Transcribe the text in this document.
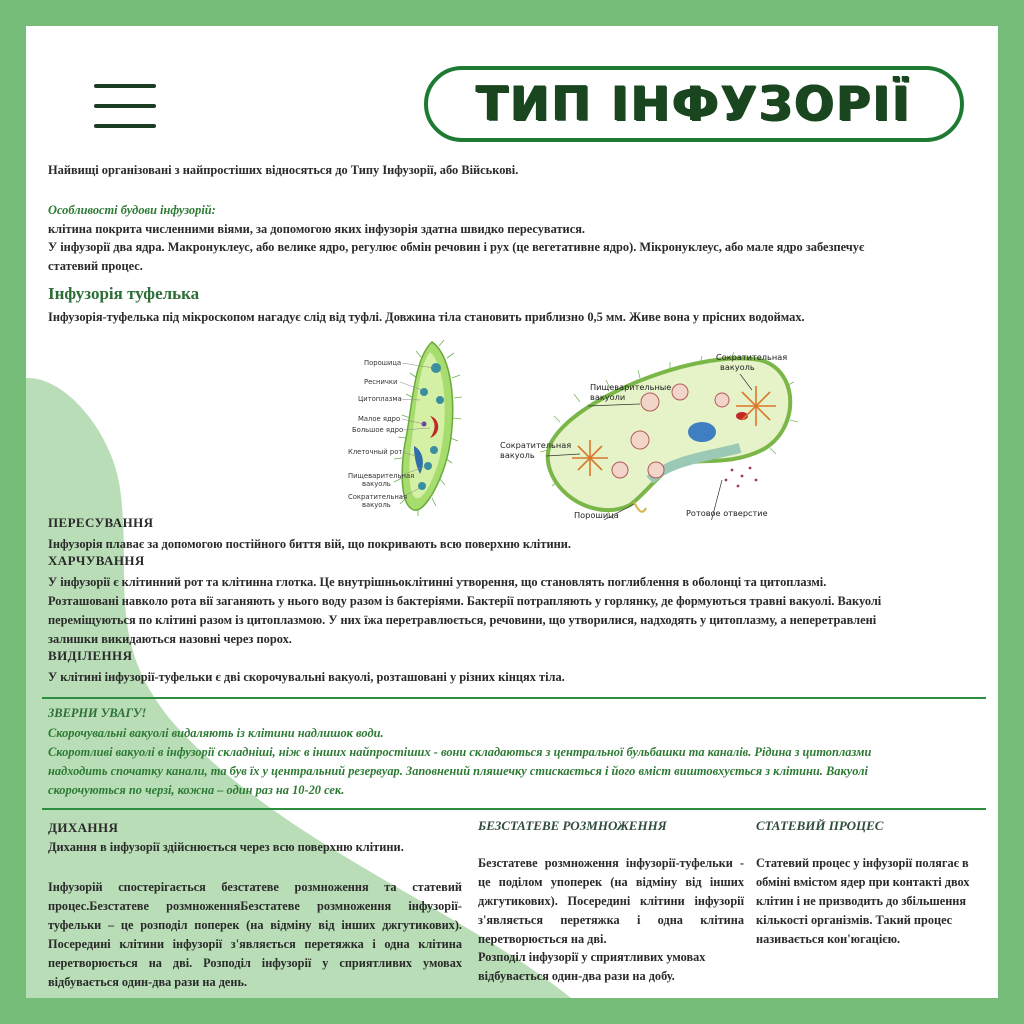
ТИП ІНФУЗОРІЇ
Найвищі організовані з найпростіших відносяться до Типу Інфузорії, або Військові.
Особливості будови інфузорій:
клітина покрита численними віями, за допомогою яких інфузорія здатна швидко пересуватися.
У інфузорії два ядра. Макронуклеус, або велике ядро, регулює обмін речовин і рух (це вегетативне ядро). Мікронуклеус, або мале ядро забезпечує
статевий процес.
Інфузорія туфелька
Інфузорія-туфелька під мікроскопом нагадує слід від туфлі. Довжина тіла становить приблизно 0,5 мм. Живе вона у прісних водоймах.
Порошица
Реснички
Цитоплазма
Малое ядро
Большое ядро
Клеточный рот
Пищеварительная
вакуоль
Сократительная
вакуоль
Пищеварительные
вакуоли
Сократительная
вакуоль
Сократительная
вакуоль
Порошица	Ротовое отверстие
ПЕРЕСУВАННЯ
Інфузорія плаває за допомогою постійного биття вій, що покривають всю поверхню клітини.
ХАРЧУВАННЯ
У інфузорії є клітинний рот та клітинна глотка. Це внутрішньоклітинні утворення, що становлять поглиблення в оболонці та цитоплазмі.
Розташовані навколо рота вії заганяють у нього воду разом із бактеріями. Бактерії потрапляють у горлянку, де формуються травні вакуолі. Вакуолі
переміщуються по клітині разом із цитоплазмою. У них їжа перетравлюється, речовини, що утворилися, надходять у цитоплазму, а неперетравлені
залишки викидаються назовні через порох.
ВИДІЛЕННЯ
У клітині інфузорії-туфельки є дві скорочувальні вакуолі, розташовані у різних кінцях тіла.
ЗВЕРНИ УВАГУ!
Скорочувальні вакуолі видаляють із клітини надлишок води.
Скоротливі вакуолі в інфузорії складніші, ніж в інших найпростіших - вони складаються з центральної бульбашки та каналів. Рідина з цитоплазми
надходить спочатку канали, та був їх у центральний резервуар. Заповнений пляшечку стискається і його вміст виштовхується з клітини. Вакуолі
скорочуються по черзі, кожна – один раз на 10-20 сек.
ДИХАННЯ
Дихання в інфузорії здійснюється через всю поверхню клітини.
Інфузорій спостерігається безстатеве розмноження та статевий процес.Безстатеве розмноженняБезстатеве розмноження інфузорії-туфельки – це розподіл поперек (на відміну від інших джгутикових). Посередині клітини інфузорії з'являється перетяжка і одна клітина перетворюється на дві. Розподіл інфузорії у сприятливих умовах відбувається один-два рази на день.
БЕЗСТАТЕВЕ РОЗМНОЖЕННЯ
Безстатеве розмноження інфузорії-туфельки - це поділом упоперек (на відміну від інших джгутикових). Посередині клітини інфузорії з'являється перетяжка і одна клітина перетворюється на дві.
Розподіл інфузорії у сприятливих умовах відбувається один-два рази на добу.
СТАТЕВИЙ ПРОЦЕС
Статевий процес у інфузорії полягає в обміні вмістом ядер при контакті двох клітин і не призводить до збільшення кількості організмів. Такий процес називається кон'югацією.
